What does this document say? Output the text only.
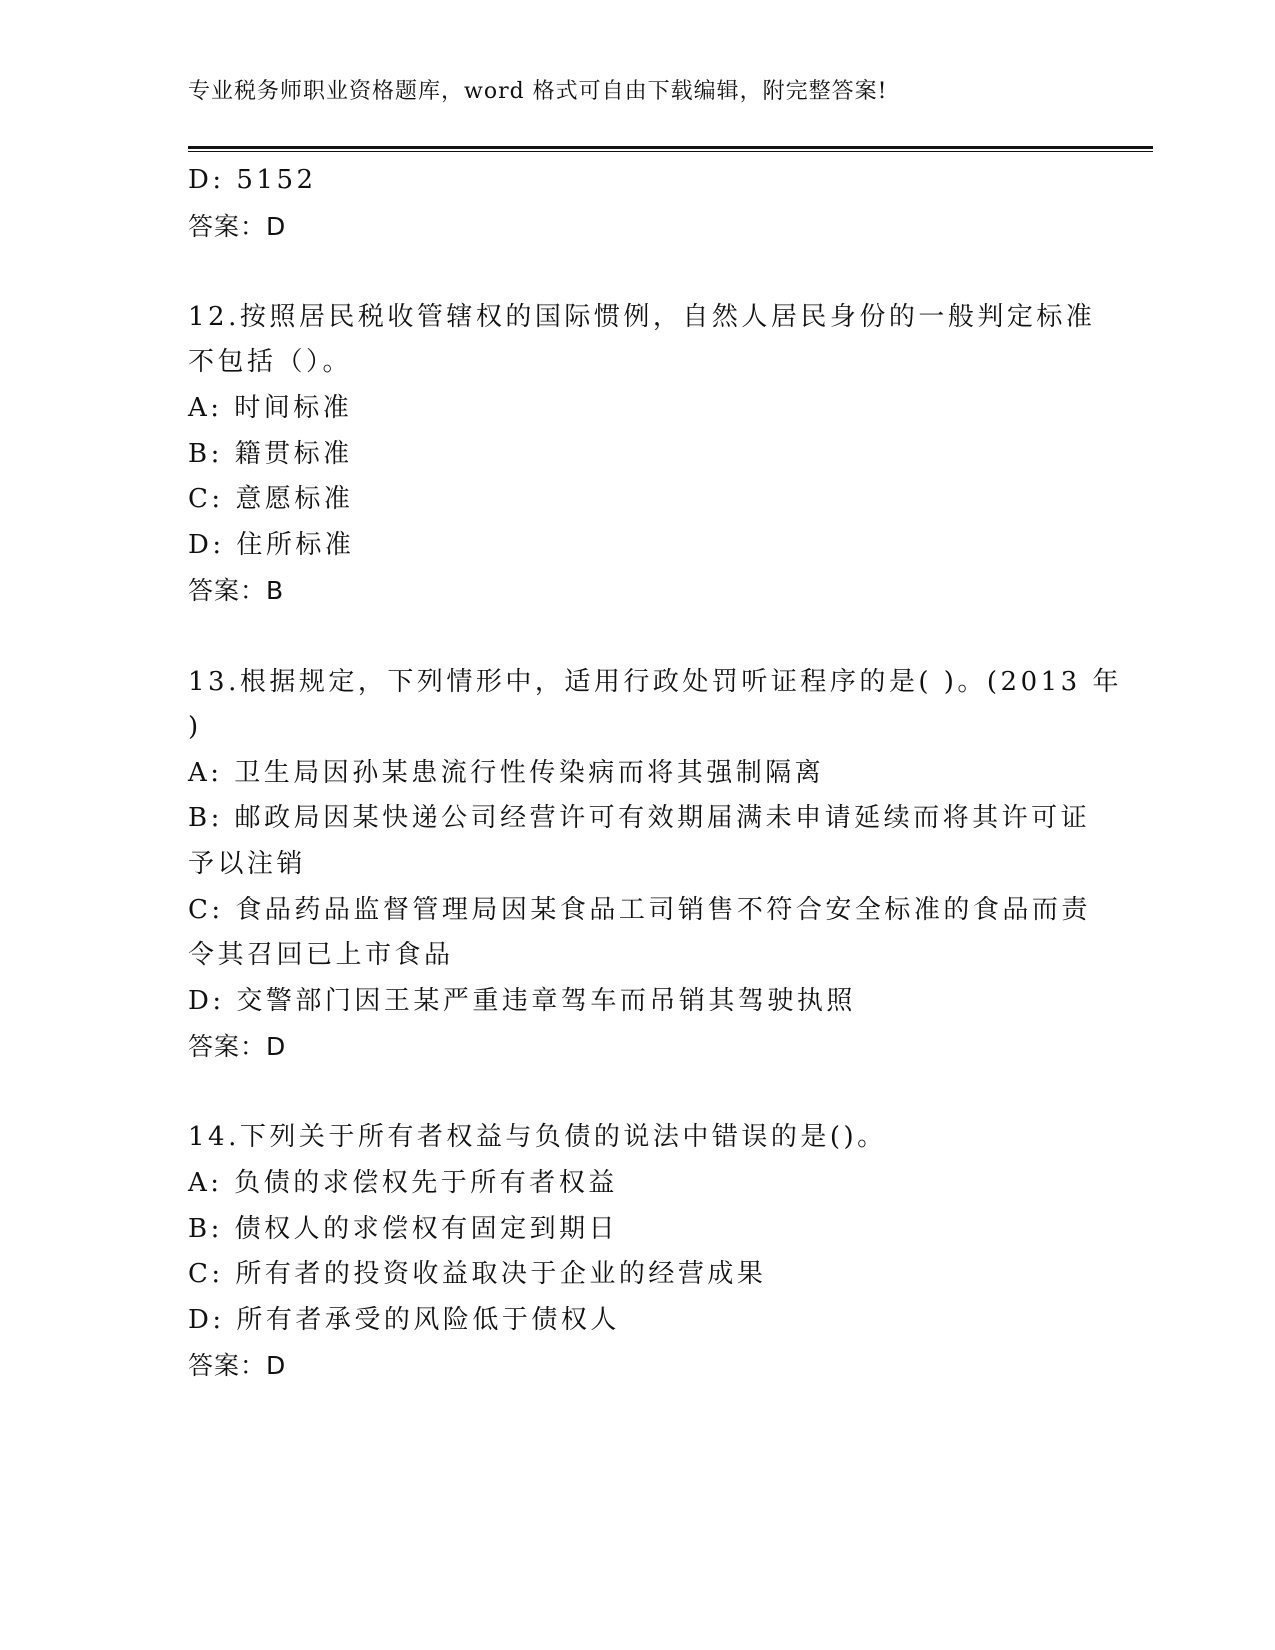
专业税务师职业资格题库，word 格式可自由下载编辑，附完整答案!
D: 5152
答案：D
12.按照居民税收管辖权的国际惯例，自然人居民身份的一般判定标准
不包括（）。
A: 时间标准
B: 籍贯标准
C: 意愿标准
D: 住所标准
答案：B
13.根据规定，下列情形中，适用行政处罚听证程序的是( )。(2013 年
)
A: 卫生局因孙某患流行性传染病而将其强制隔离
B: 邮政局因某快递公司经营许可有效期届满未申请延续而将其许可证
予以注销
C: 食品药品监督管理局因某食品工司销售不符合安全标准的食品而责
令其召回已上市食品
D: 交警部门因王某严重违章驾车而吊销其驾驶执照
答案：D
14.下列关于所有者权益与负债的说法中错误的是()。
A: 负债的求偿权先于所有者权益
B: 债权人的求偿权有固定到期日
C: 所有者的投资收益取决于企业的经营成果
D: 所有者承受的风险低于债权人
答案：D
